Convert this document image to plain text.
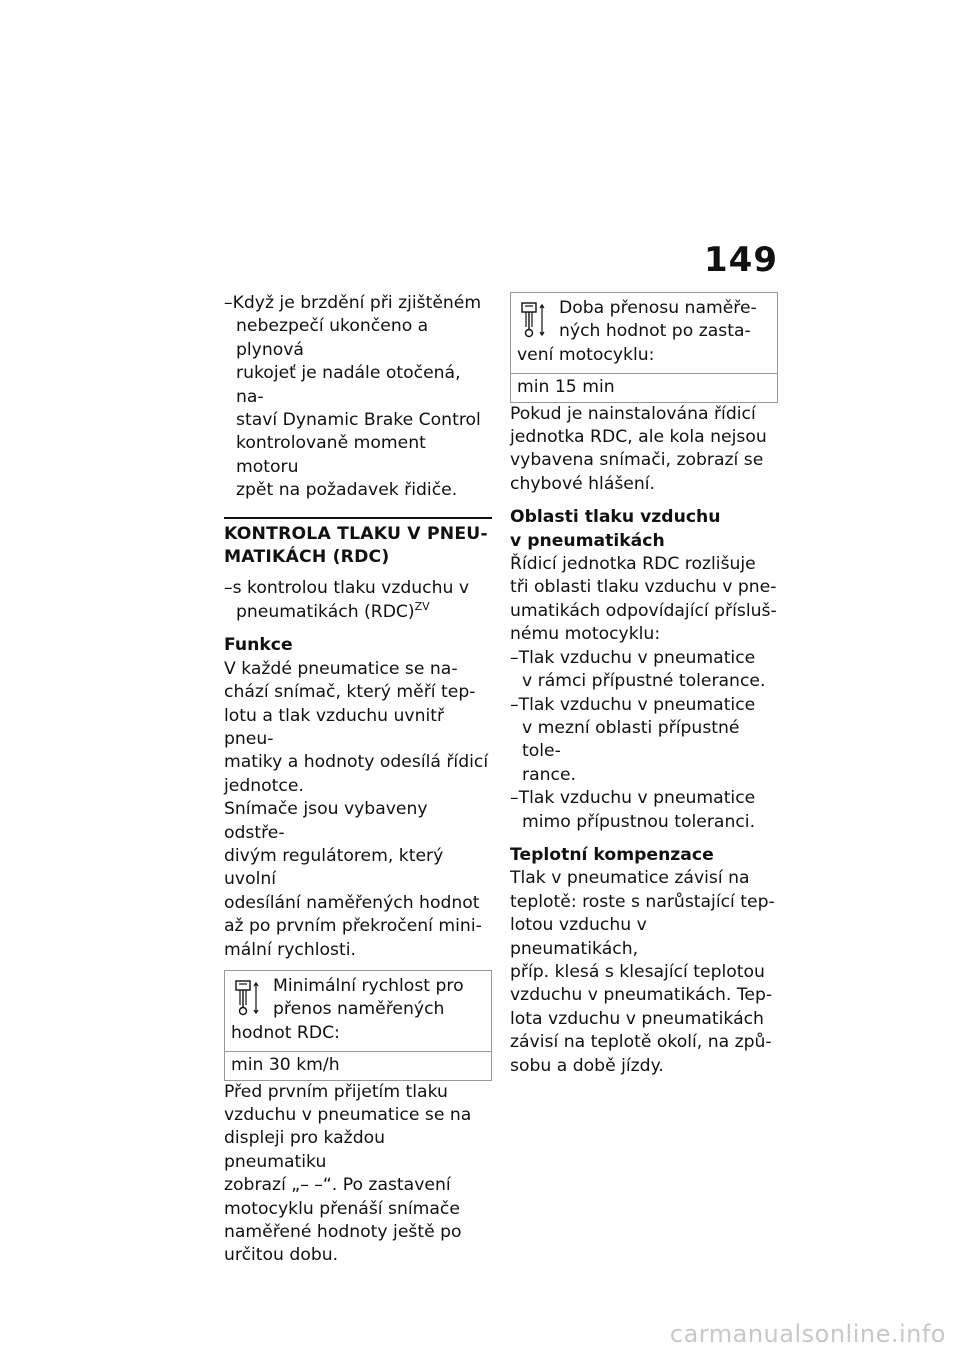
149

–Když je brzdění při zjištěném

nebezpečí ukončeno a plynová

rukojeť je nadále otočená, na-

staví Dynamic Brake Control

kontrolovaně moment motoru

zpět na požadavek řidiče.

KONTROLA TLAKU V PNEU-
MATIKÁCH (RDC)

–s kontrolou tlaku vzduchu v

pneumatikách (RDC)$^{ZV}$

Funkce

V každé pneumatice se na-

chází snímač, který měří tep-

lotu a tlak vzduchu uvnitř pneu-

matiky a hodnoty odesílá řídicí

jednotce.

Snímače jsou vybaveny odstře-

divým regulátorem, který uvolní

odesílání naměřených hodnot

až po prvním překročení mini-

mální rychlosti.

Minimální rychlost pro
přenos naměřených
hodnot RDC:
min 30 km/h

Před prvním přijetím tlaku

vzduchu v pneumatice se na

displeji pro každou pneumatiku

zobrazí „– –“. Po zastavení

motocyklu přenáší snímače

naměřené hodnoty ještě po

určitou dobu.

Doba přenosu naměře-
ných hodnot po zasta-
vení motocyklu:
min 15 min

Pokud je nainstalována řídicí

jednotka RDC, ale kola nejsou

vybavena snímači, zobrazí se

chybové hlášení.

Oblasti tlaku vzduchu
v pneumatikách

Řídicí jednotka RDC rozlišuje

tři oblasti tlaku vzduchu v pne-

umatikách odpovídající přísluš-

nému motocyklu:

–Tlak vzduchu v pneumatice

v rámci přípustné tolerance.

–Tlak vzduchu v pneumatice

v mezní oblasti přípustné tole-

rance.

–Tlak vzduchu v pneumatice

mimo přípustnou toleranci.

Teplotní kompenzace

Tlak v pneumatice závisí na

teplotě: roste s narůstající tep-

lotou vzduchu v pneumatikách,

příp. klesá s klesající teplotou

vzduchu v pneumatikách. Tep-

lota vzduchu v pneumatikách

závisí na teplotě okolí, na způ-

sobu a době jízdy.

carmanualsonline.info
